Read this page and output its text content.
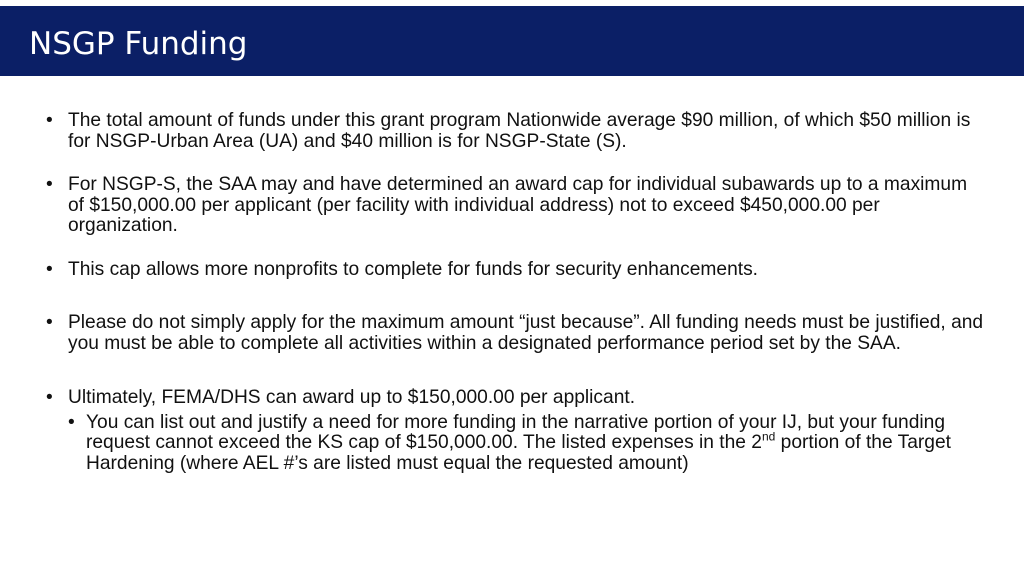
NSGP Funding

• The total amount of funds under this grant program Nationwide average $90 million, of which $50 million is for NSGP-Urban Area (UA) and $40 million is for NSGP-State (S).

• For NSGP-S, the SAA may and have determined an award cap for individual subawards up to a maximum of $150,000.00 per applicant (per facility with individual address) not to exceed $450,000.00 per organization.

• This cap allows more nonprofits to complete for funds for security enhancements.

• Please do not simply apply for the maximum amount “just because”. All funding needs must be justified, and you must be able to complete all activities within a designated performance period set by the SAA.

• Ultimately, FEMA/DHS can award up to $150,000.00 per applicant.

• You can list out and justify a need for more funding in the narrative portion of your IJ, but your funding request cannot exceed the KS cap of $150,000.00. The listed expenses in the 2nd portion of the Target Hardening (where AEL #’s are listed must equal the requested amount)
